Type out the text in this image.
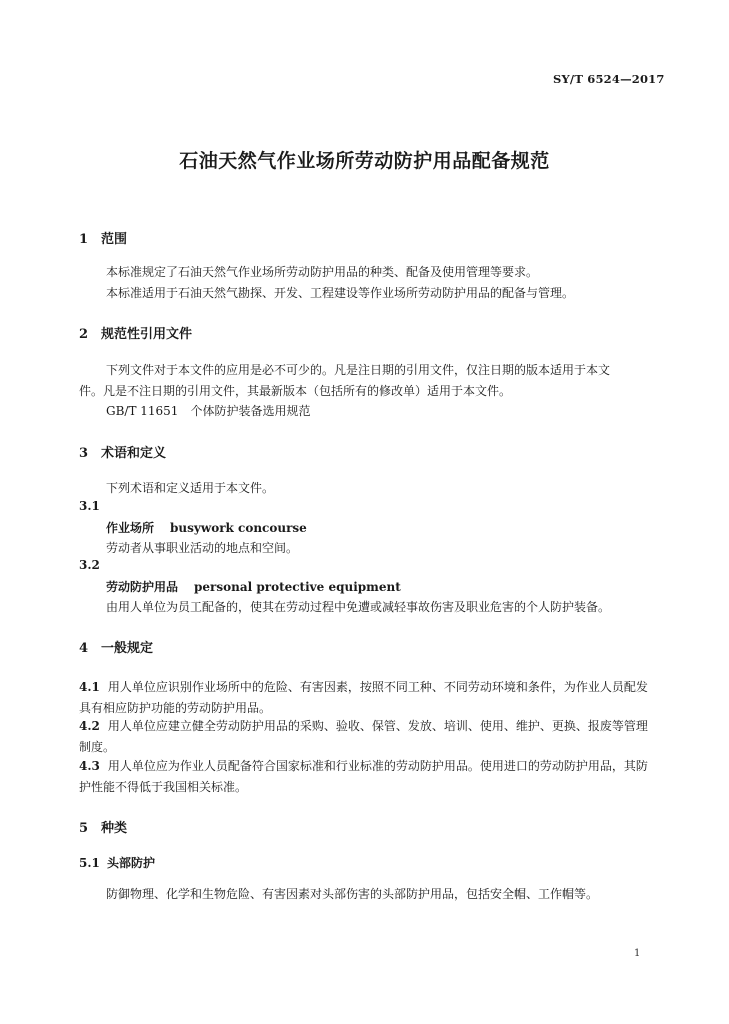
SY/T 6524—2017
石油天然气作业场所劳动防护用品配备规范
1 范围
本标准规定了石油天然气作业场所劳动防护用品的种类、配备及使用管理等要求。
本标准适用于石油天然气勘探、开发、工程建设等作业场所劳动防护用品的配备与管理。
2 规范性引用文件
下列文件对于本文件的应用是必不可少的。凡是注日期的引用文件，仅注日期的版本适用于本文
件。凡是不注日期的引用文件，其最新版本（包括所有的修改单）适用于本文件。
GB/T 11651　个体防护装备选用规范
3 术语和定义
下列术语和定义适用于本文件。
3.1
作业场所 busywork concourse
劳动者从事职业活动的地点和空间。
3.2
劳动防护用品 personal protective equipment
由用人单位为员工配备的，使其在劳动过程中免遭或减轻事故伤害及职业危害的个人防护装备。
4 一般规定
4.1 用人单位应识别作业场所中的危险、有害因素，按照不同工种、不同劳动环境和条件，为作业人员配发具有相应防护功能的劳动防护用品。
4.2 用人单位应建立健全劳动防护用品的采购、验收、保管、发放、培训、使用、维护、更换、报废等管理制度。
4.3 用人单位应为作业人员配备符合国家标准和行业标准的劳动防护用品。使用进口的劳动防护用品，其防护性能不得低于我国相关标准。
5 种类
5.1 头部防护
防御物理、化学和生物危险、有害因素对头部伤害的头部防护用品，包括安全帽、工作帽等。
1
